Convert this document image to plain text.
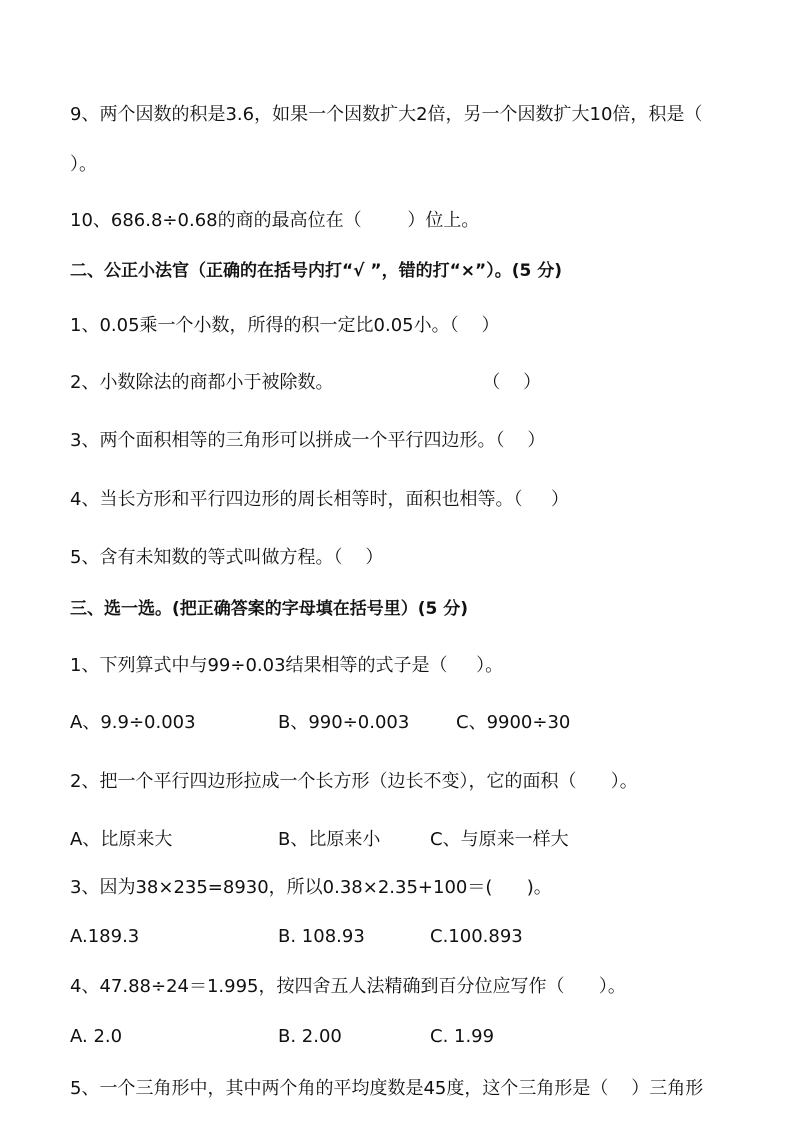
9、两个因数的积是3.6，如果一个因数扩大2倍，另一个因数扩大10倍，积是（
）。
10、686.8÷0.68的商的最高位在（        ）位上。
二、公正小法官（正确的在括号内打“√ ”，错的打“×”）。(5 分)
1、0.05乘一个小数，所得的积一定比0.05小。（    ）
2、小数除法的商都小于被除数。                          （    ）
3、两个面积相等的三角形可以拼成一个平行四边形。（    ）
4、当长方形和平行四边形的周长相等时，面积也相等。（     ）
5、含有未知数的等式叫做方程。（    ）
三、选一选。(把正确答案的字母填在括号里）(5 分)
1、下列算式中与99÷0.03结果相等的式子是（     ）。
A、9.9÷0.003	B、990÷0.003	C、9900÷30
2、把一个平行四边形拉成一个长方形（边长不变），它的面积（      ）。
A、比原来大	B、比原来小	C、与原来一样大
3、因为38×235=8930，所以0.38×2.35+100＝(      )。
A.189.3	B. 108.93	C.100.893
4、47.88÷24＝1.995，按四舍五人法精确到百分位应写作（      ）。
A. 2.0	B. 2.00	C. 1.99
5、一个三角形中，其中两个角的平均度数是45度，这个三角形是（    ）三角形
